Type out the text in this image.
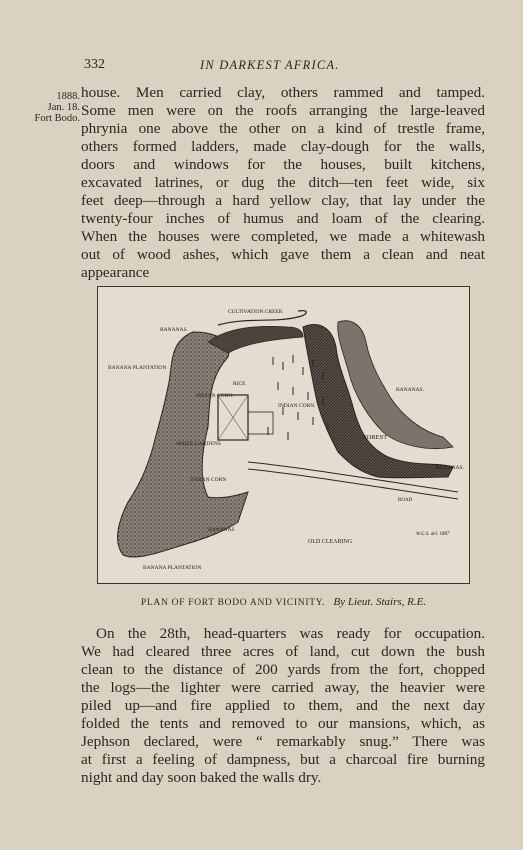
332	IN DARKEST AFRICA.
1888.
Jan. 18.
Fort Bodo.
house. Men carried clay, others rammed and tamped.
Some men were on the roofs arranging the large-leaved
phrynia one above the other on a kind of trestle frame,
others formed ladders, made clay-dough for the walls,
doors and windows for the houses, built kitchens,
excavated latrines, or dug the ditch—ten feet wide, six
feet deep—through a hard yellow clay, that lay under the
twenty-four inches of humus and loam of the clearing.
When the houses were completed, we made a whitewash
out of wood ashes, which gave them a clean and neat
appearance
CULTIVATION CREEK
BANANAS.
BANANA PLANTATION
RICE
INDIAN CORN.
INDIAN CORN.
MAIZE GARDENS
INDIAN CORN
FOREST
BANANAS.
BANANAS.
BANANAS
OLD CLEARING
BANANA PLANTATION
ROAD
W.G.S. del. 1887
PLAN OF FORT BODO AND VICINITY. By Lieut. Stairs, R.E.
On the 28th, head-quarters was ready for occupation.
We had cleared three acres of land, cut down the bush
clean to the distance of 200 yards from the fort, chopped
the logs—the lighter were carried away, the heavier were
piled up—and fire applied to them, and the next day
folded the tents and removed to our mansions, which, as
Jephson declared, were “ remarkably snug.” There was
at first a feeling of dampness, but a charcoal fire burning
night and day soon baked the walls dry.
